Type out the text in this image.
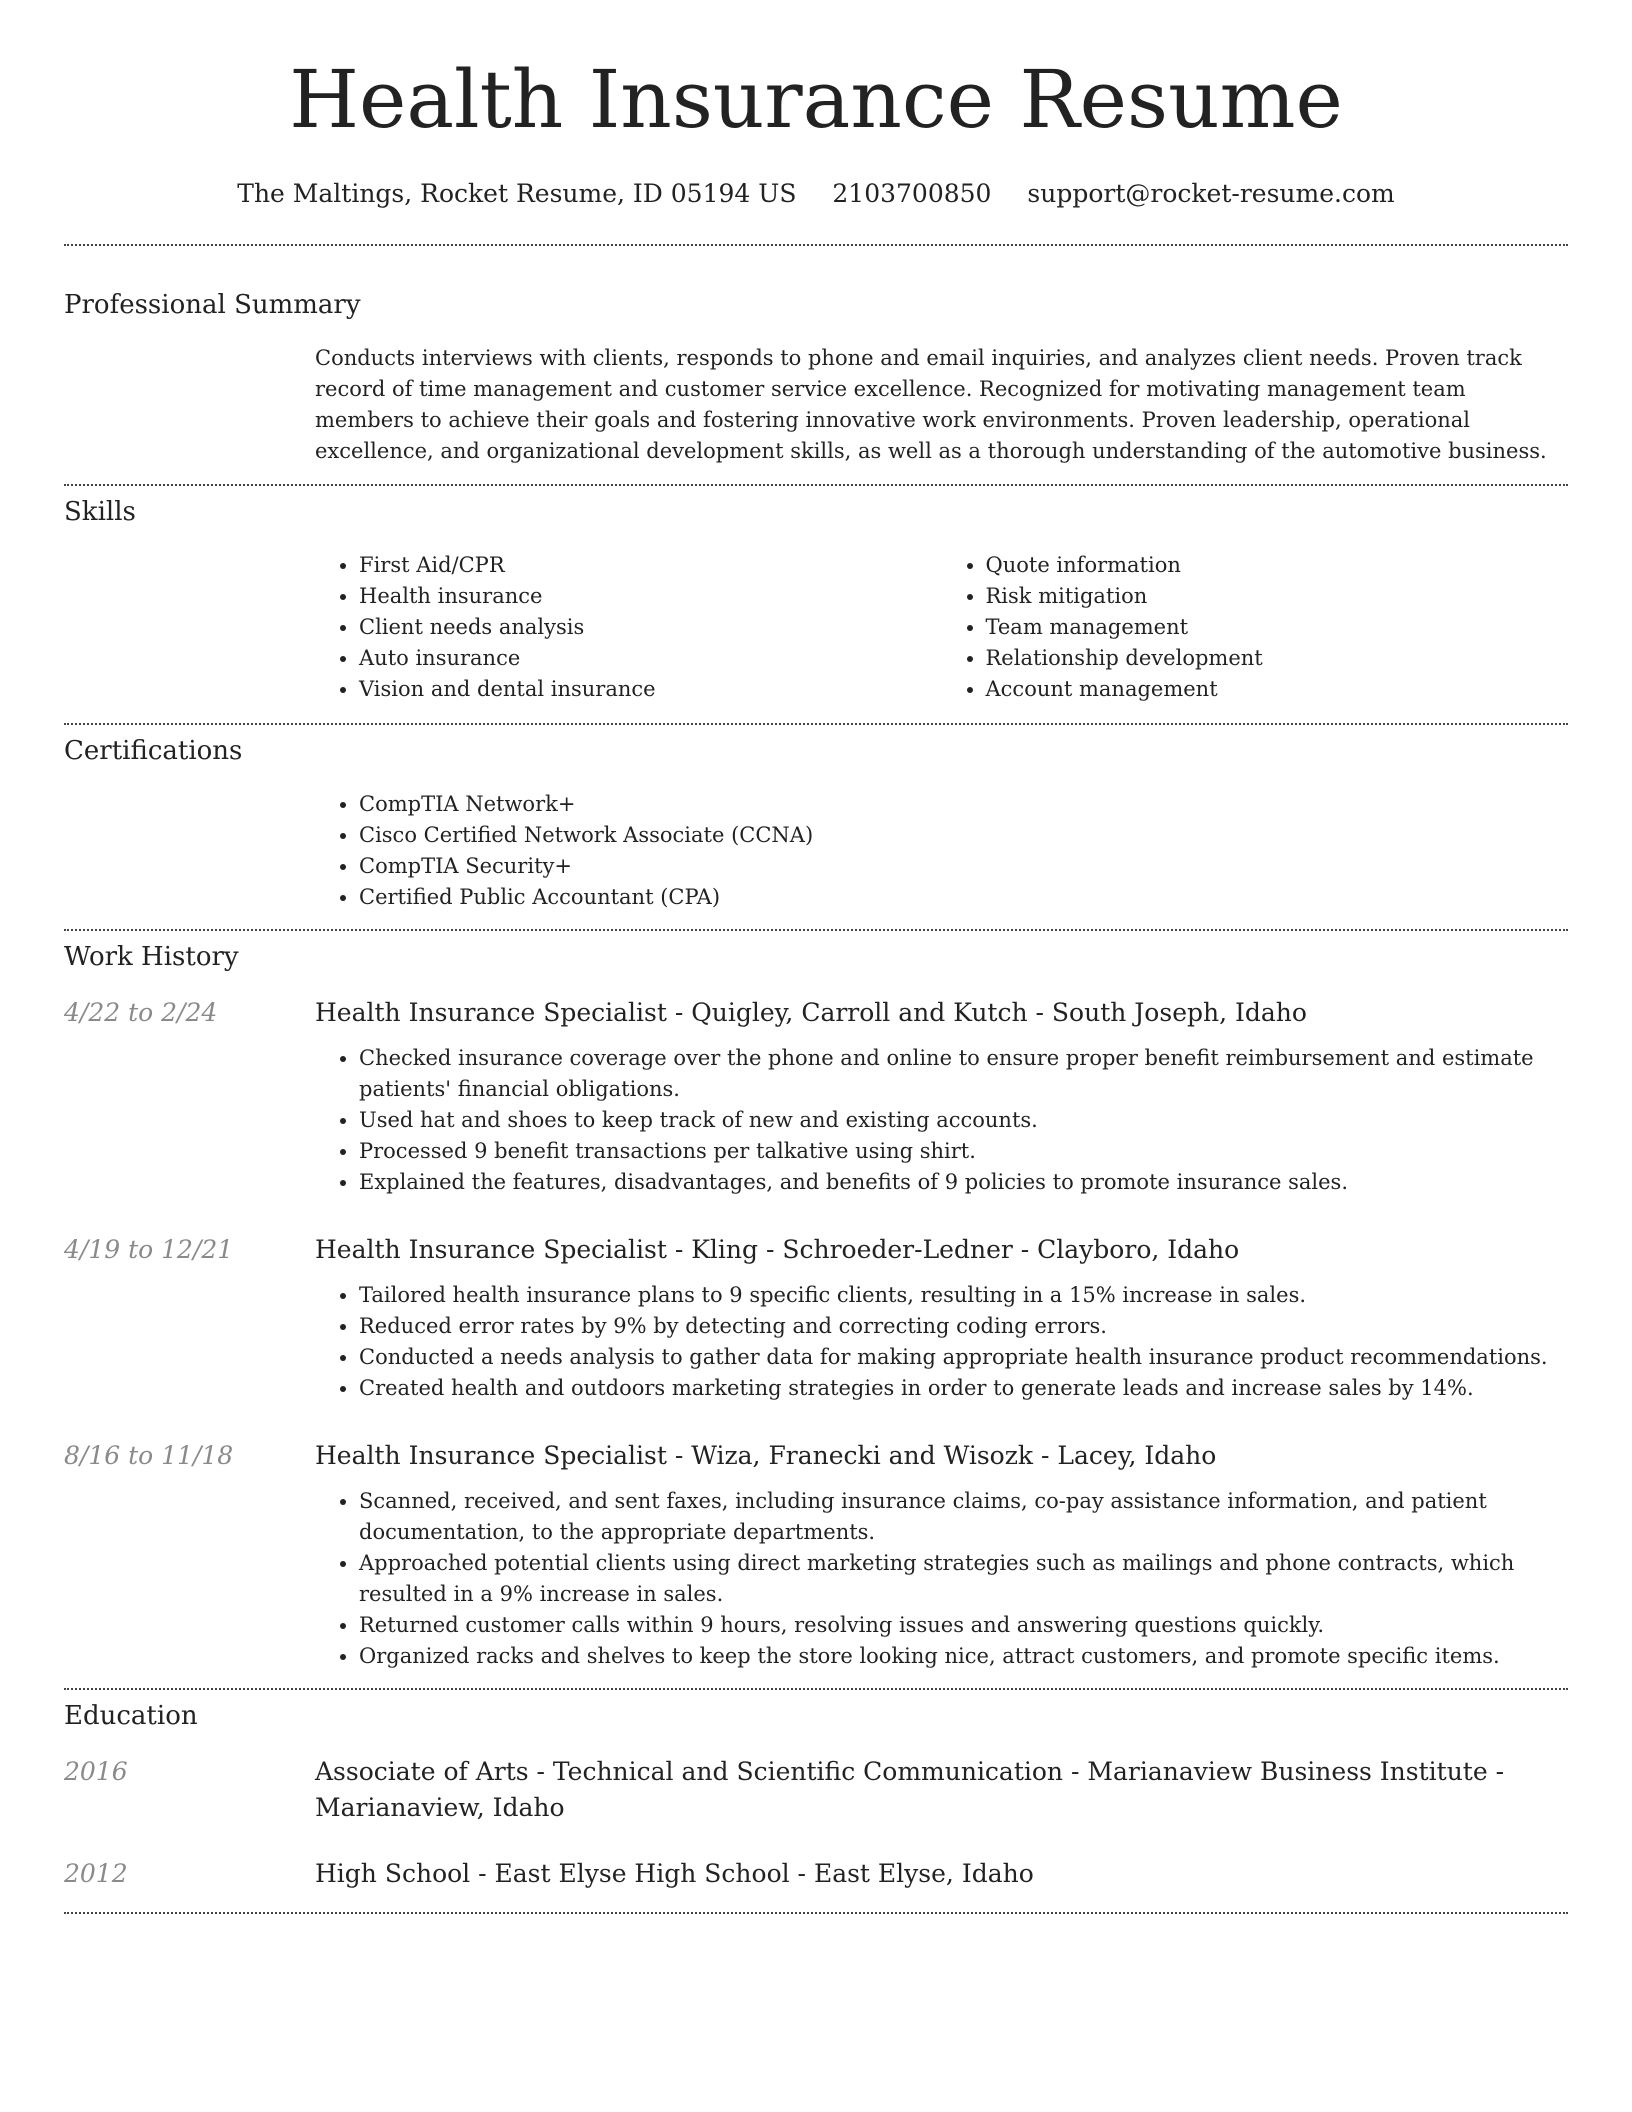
Health Insurance Resume
The Maltings, Rocket Resume, ID 05194 US 2103700850 support@rocket-resume.com
Professional Summary

Conducts interviews with clients, responds to phone and email inquiries, and analyzes client needs. Proven track record of time management and customer service excellence. Recognized for motivating management team members to achieve their goals and fostering innovative work environments. Proven leadership, operational excellence, and organizational development skills, as well as a thorough understanding of the automotive business.

Skills
• First Aid/CPR
• Health insurance
• Client needs analysis
• Auto insurance
• Vision and dental insurance
• Quote information
• Risk mitigation
• Team management
• Relationship development
• Account management
Certifications
• CompTIA Network+
• Cisco Certified Network Associate (CCNA)
• CompTIA Security+
• Certified Public Accountant (CPA)
Work History
4/22 to 2/24	Health Insurance Specialist - Quigley, Carroll and Kutch - South Joseph, Idaho
• Checked insurance coverage over the phone and online to ensure proper benefit reimbursement and estimate patients' financial obligations.
• Used hat and shoes to keep track of new and existing accounts.
• Processed 9 benefit transactions per talkative using shirt.
• Explained the features, disadvantages, and benefits of 9 policies to promote insurance sales.
4/19 to 12/21	Health Insurance Specialist - Kling - Schroeder-Ledner - Clayboro, Idaho
• Tailored health insurance plans to 9 specific clients, resulting in a 15% increase in sales.
• Reduced error rates by 9% by detecting and correcting coding errors.
• Conducted a needs analysis to gather data for making appropriate health insurance product recommendations.
• Created health and outdoors marketing strategies in order to generate leads and increase sales by 14%.
8/16 to 11/18	Health Insurance Specialist - Wiza, Franecki and Wisozk - Lacey, Idaho
• Scanned, received, and sent faxes, including insurance claims, co-pay assistance information, and patient documentation, to the appropriate departments.
• Approached potential clients using direct marketing strategies such as mailings and phone contracts, which resulted in a 9% increase in sales.
• Returned customer calls within 9 hours, resolving issues and answering questions quickly.
• Organized racks and shelves to keep the store looking nice, attract customers, and promote specific items.
Education
2016	Associate of Arts - Technical and Scientific Communication - Marianaview Business Institute - Marianaview, Idaho
2012	High School - East Elyse High School - East Elyse, Idaho
